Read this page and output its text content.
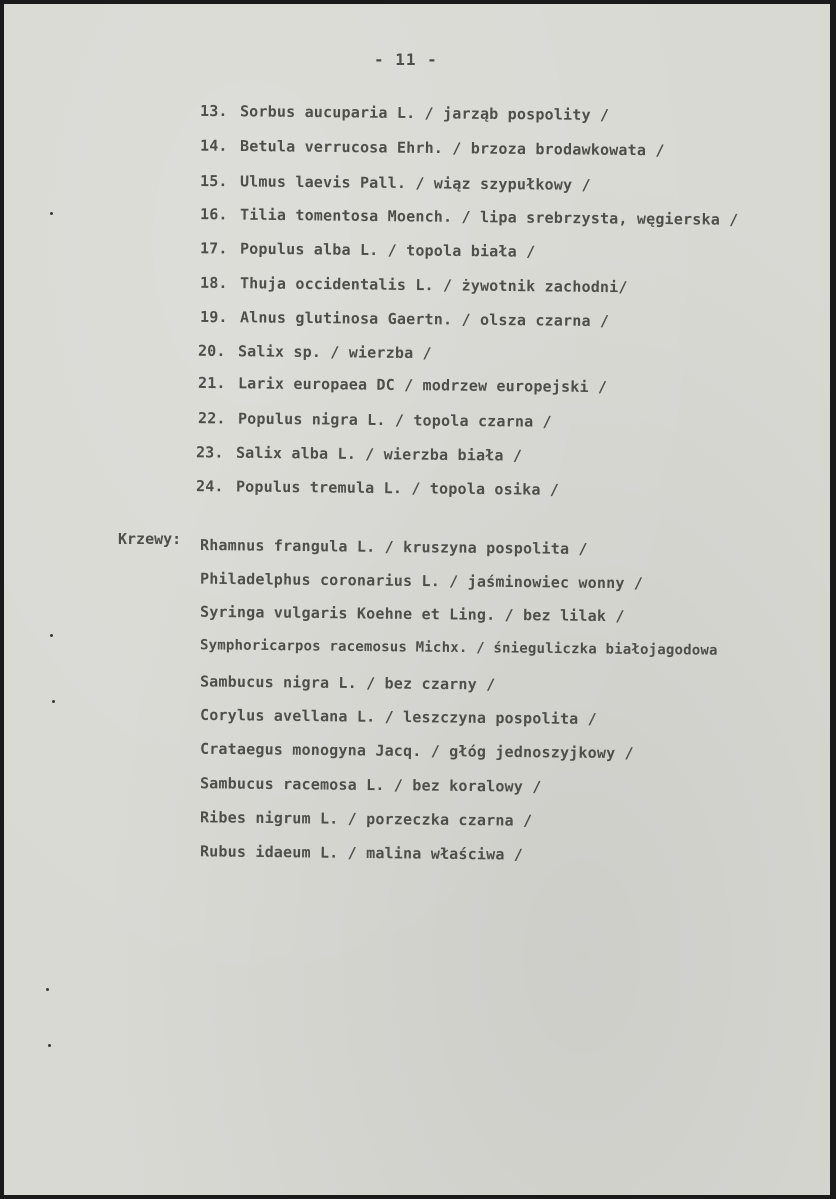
- 11 -
13. Sorbus aucuparia L. / jarząb pospolity /
14. Betula verrucosa Ehrh. / brzoza brodawkowata /
15. Ulmus laevis Pall. / wiąz szypułkowy /
16. Tilia tomentosa Moench. / lipa srebrzysta, węgierska /
17. Populus alba L. / topola biała /
18. Thuja occidentalis L. / żywotnik zachodni/
19. Alnus glutinosa Gaertn. / olsza czarna /
20. Salix sp. / wierzba /
21. Larix europaea DC / modrzew europejski /
22. Populus nigra L. / topola czarna /
23. Salix alba L. / wierzba biała /
24. Populus tremula L. / topola osika /
Krzewy: Rhamnus frangula L. / kruszyna pospolita /
Philadelphus coronarius L. / jaśminowiec wonny /
Syringa vulgaris Koehne et Ling. / bez lilak /
Symphoricarpos racemosus Michx. / śnieguliczka białojagodowa
Sambucus nigra L. / bez czarny /
Corylus avellana L. / leszczyna pospolita /
Crataegus monogyna Jacq. / głóg jednoszyjkowy /
Sambucus racemosa L. / bez koralowy /
Ribes nigrum L. / porzeczka czarna /
Rubus idaeum L. / malina właściwa /
